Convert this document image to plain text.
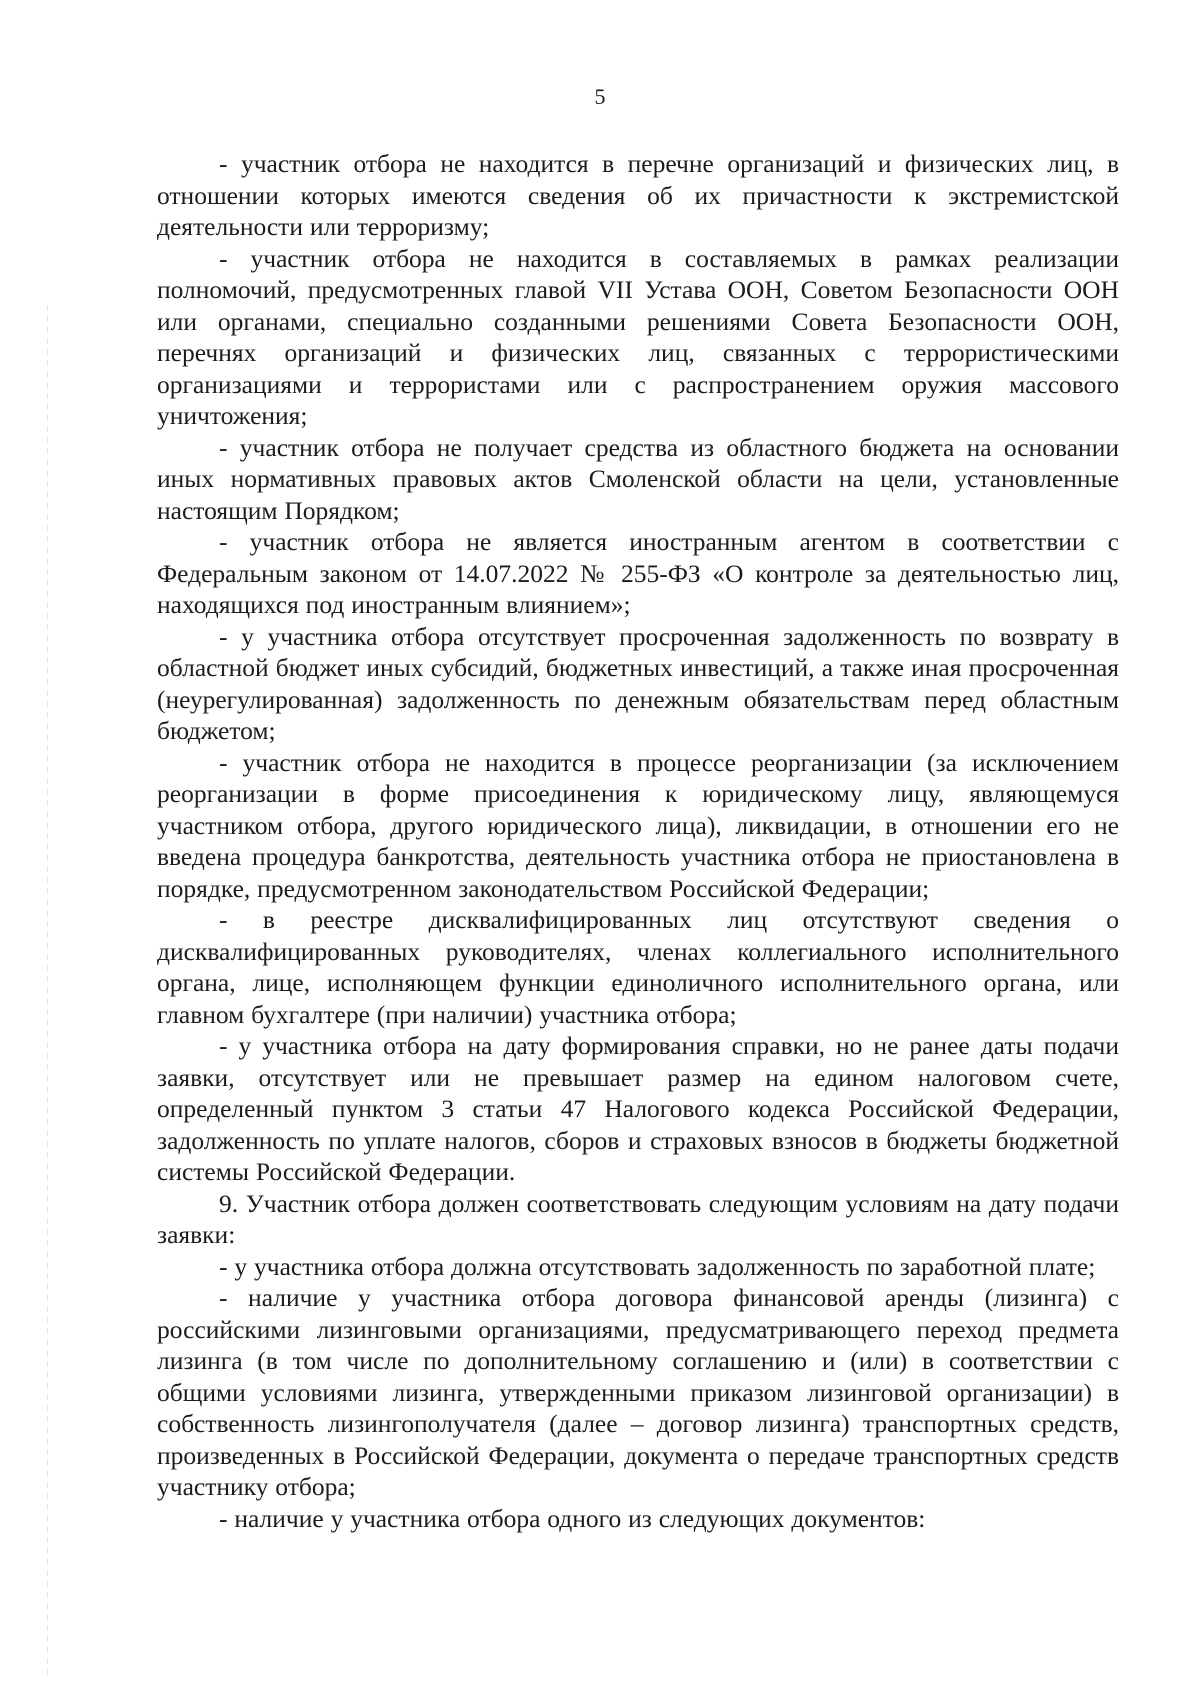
5

- участник отбора не находится в перечне организаций и физических лиц, в отношении которых имеются сведения об их причастности к экстремистской деятельности или терроризму;

- участник отбора не находится в составляемых в рамках реализации полномочий, предусмотренных главой VII Устава ООН, Советом Безопасности ООН или органами, специально созданными решениями Совета Безопасности ООН, перечнях организаций и физических лиц, связанных с террористическими организациями и террористами или с распространением оружия массового уничтожения;

- участник отбора не получает средства из областного бюджета на основании иных нормативных правовых актов Смоленской области на цели, установленные настоящим Порядком;

- участник отбора не является иностранным агентом в соответствии с Федеральным законом от 14.07.2022 № 255-ФЗ «О контроле за деятельностью лиц, находящихся под иностранным влиянием»;

- у участника отбора отсутствует просроченная задолженность по возврату в областной бюджет иных субсидий, бюджетных инвестиций, а также иная просроченная (неурегулированная) задолженность по денежным обязательствам перед областным бюджетом;

- участник отбора не находится в процессе реорганизации (за исключением реорганизации в форме присоединения к юридическому лицу, являющемуся участником отбора, другого юридического лица), ликвидации, в отношении его не введена процедура банкротства, деятельность участника отбора не приостановлена в порядке, предусмотренном законодательством Российской Федерации;

- в реестре дисквалифицированных лиц отсутствуют сведения о дисквалифицированных руководителях, членах коллегиального исполнительного органа, лице, исполняющем функции единоличного исполнительного органа, или главном бухгалтере (при наличии) участника отбора;

- у участника отбора на дату формирования справки, но не ранее даты подачи заявки, отсутствует или не превышает размер на едином налоговом счете, определенный пунктом 3 статьи 47 Налогового кодекса Российской Федерации, задолженность по уплате налогов, сборов и страховых взносов в бюджеты бюджетной системы Российской Федерации.

9. Участник отбора должен соответствовать следующим условиям на дату подачи заявки:

- у участника отбора должна отсутствовать задолженность по заработной плате;

- наличие у участника отбора договора финансовой аренды (лизинга) с российскими лизинговыми организациями, предусматривающего переход предмета лизинга (в том числе по дополнительному соглашению и (или) в соответствии с общими условиями лизинга, утвержденными приказом лизинговой организации) в собственность лизингополучателя (далее – договор лизинга) транспортных средств, произведенных в Российской Федерации, документа о передаче транспортных средств участнику отбора;

- наличие у участника отбора одного из следующих документов:
